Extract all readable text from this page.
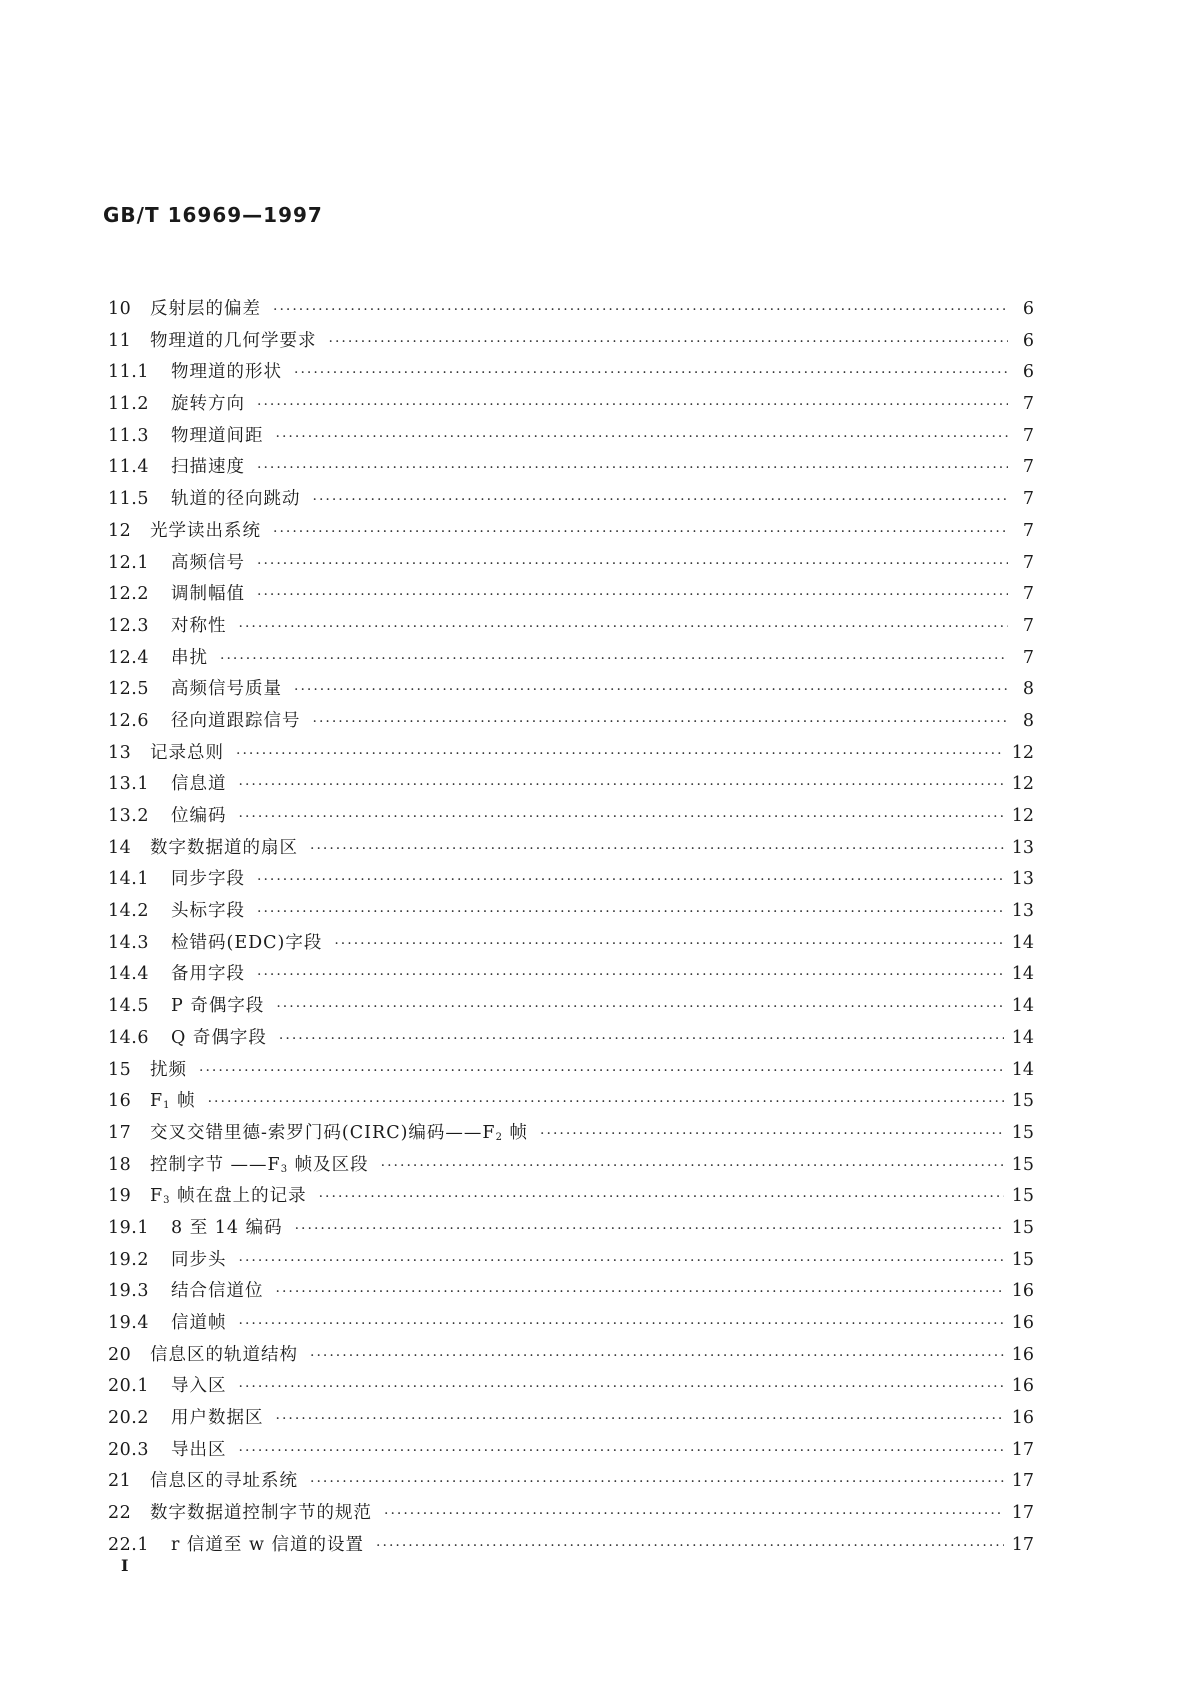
GB/T 16969—1997
10	反射层的偏差 ·····	6
11	物理道的几何学要求 ·····	6
11.1	物理道的形状 ·····	6
11.2	旋转方向 ·····	7
11.3	物理道间距 ·····	7
11.4	扫描速度 ·····	7
11.5	轨道的径向跳动 ·····	7
12	光学读出系统 ·····	7
12.1	高频信号 ·····	7
12.2	调制幅值 ·····	7
12.3	对称性 ·····	7
12.4	串扰 ·····	7
12.5	高频信号质量 ·····	8
12.6	径向道跟踪信号 ·····	8
13	记录总则 ·····	12
13.1	信息道 ·····	12
13.2	位编码 ·····	12
14	数字数据道的扇区 ·····	13
14.1	同步字段 ·····	13
14.2	头标字段 ·····	13
14.3	检错码(EDC)字段 ·····	14
14.4	备用字段 ·····	14
14.5	P 奇偶字段 ·····	14
14.6	Q 奇偶字段 ·····	14
15	扰频 ·····	14
16	$F_1$ 帧 ·····	15
17	交叉交错里德-索罗门码(CIRC)编码$——F_2$ 帧 ·····	15
18	控制字节 $——F_3$ 帧及区段 ·····	15
19	$F_3$ 帧在盘上的记录 ·····	15
19.1	8 至 14 编码 ·····	15
19.2	同步头 ·····	15
19.3	结合信道位 ·····	16
19.4	信道帧 ·····	16
20	信息区的轨道结构 ·····	16
20.1	导入区 ·····	16
20.2	用户数据区 ·····	16
20.3	导出区 ·····	17
21	信息区的寻址系统 ·····	17
22	数字数据道控制字节的规范 ·····	17
22.1	r 信道至 w 信道的设置 ·····	17
I
